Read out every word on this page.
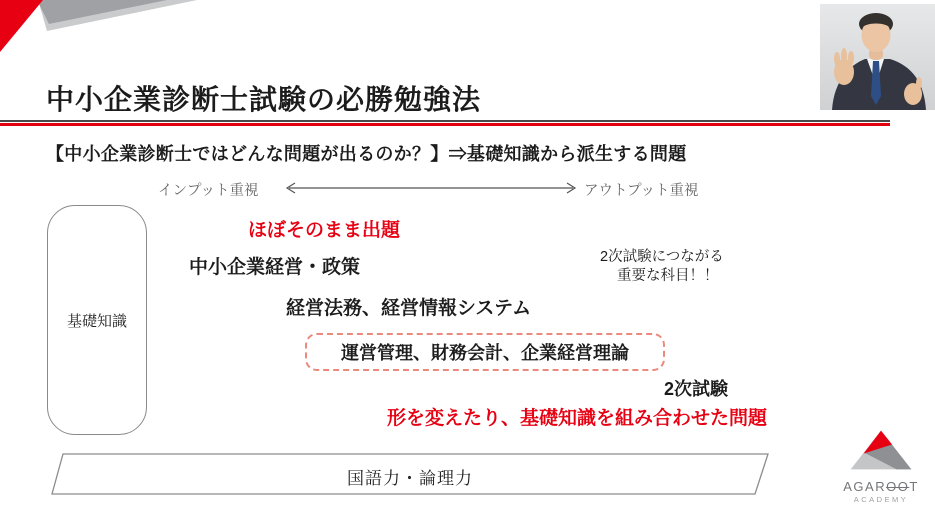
中小企業診断士試験の必勝勉強法
【中小企業診断士ではどんな問題が出るのか？】⇒基礎知識から派生する問題
インプット重視	アウトプット重視
基礎知識
ほぼそのまま出題
中小企業経営・政策
経営法務、経営情報システム
2次試験につながる
重要な科目！！
運営管理、財務会計、企業経営理論
2次試験
形を変えたり、基礎知識を組み合わせた問題
国語力・論理力	AGAROOT
ACADEMY
